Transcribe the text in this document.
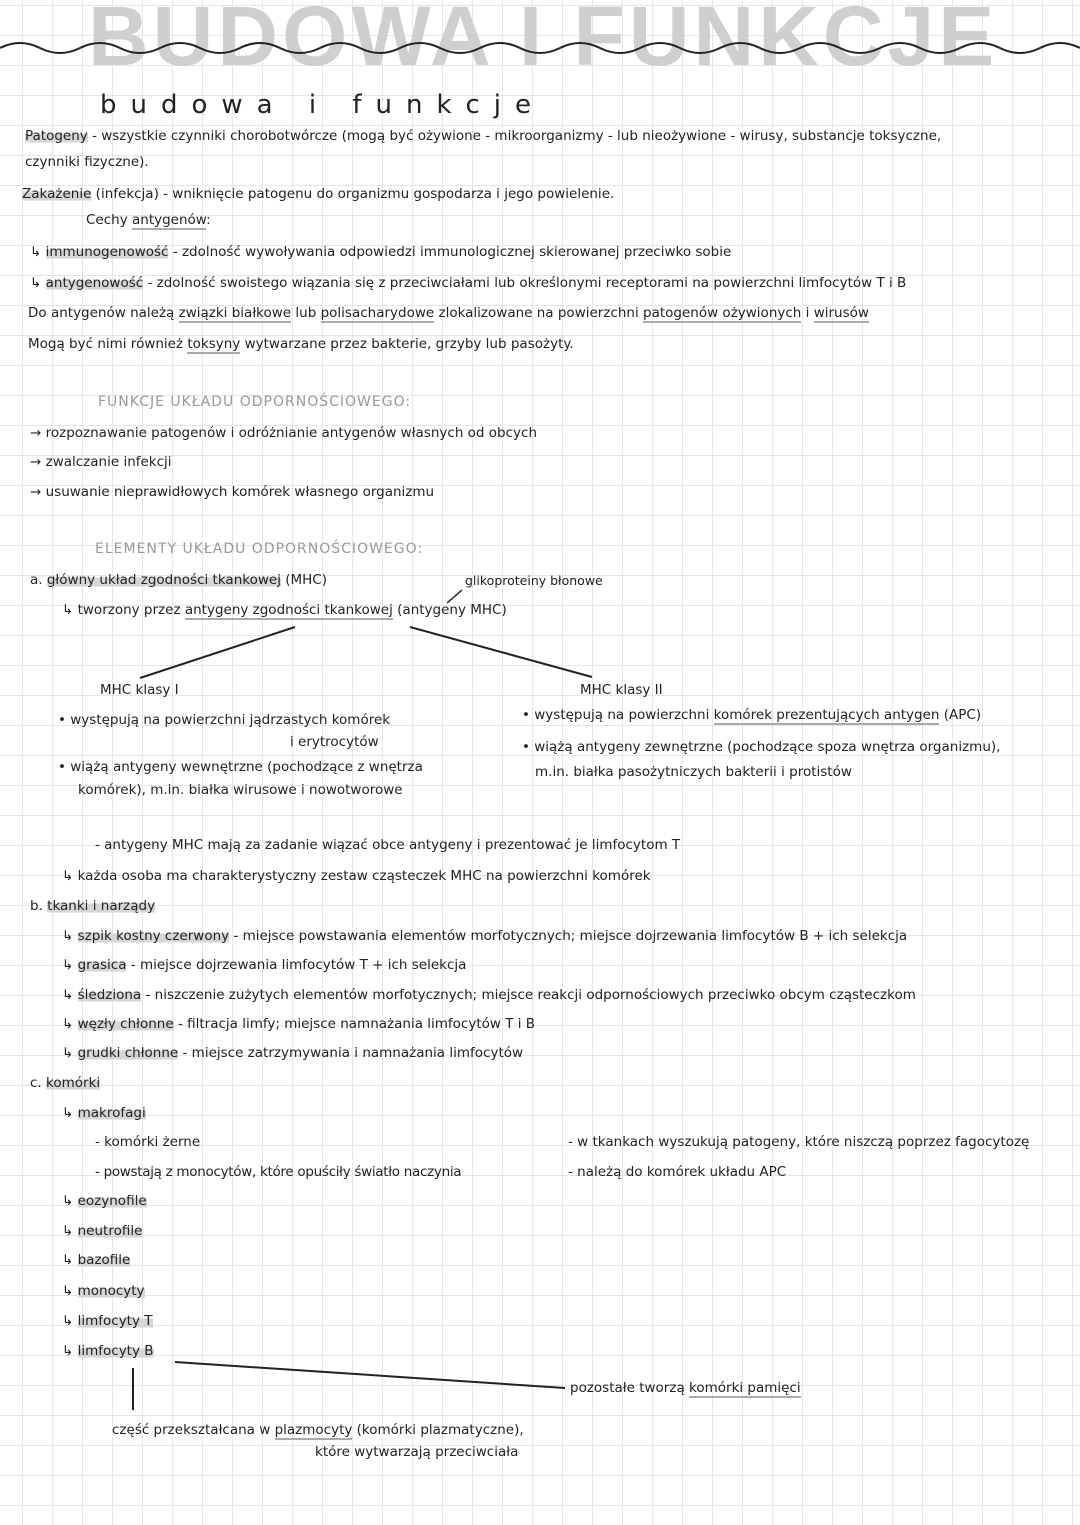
BUDOWA I FUNKCJE
budowa i funkcje
Patogeny - wszystkie czynniki chorobotwórcze (mogą być ożywione - mikroorganizmy - lub nieożywione - wirusy, substancje toksyczne,
czynniki fizyczne).
Zakażenie (infekcja) - wniknięcie patogenu do organizmu gospodarza i jego powielenie.
Cechy antygenów:
↳ immunogenowość - zdolność wywoływania odpowiedzi immunologicznej skierowanej przeciwko sobie
↳ antygenowość - zdolność swoistego wiązania się z przeciwciałami lub określonymi receptorami na powierzchni limfocytów T i B
Do antygenów należą związki białkowe lub polisacharydowe zlokalizowane na powierzchni patogenów ożywionych i wirusów
Mogą być nimi również toksyny wytwarzane przez bakterie, grzyby lub pasożyty.
FUNKCJE UKŁADU ODPORNOŚCIOWEGO:
→ rozpoznawanie patogenów i odróżnianie antygenów własnych od obcych
→ zwalczanie infekcji
→ usuwanie nieprawidłowych komórek własnego organizmu
ELEMENTY UKŁADU ODPORNOŚCIOWEGO:
a. główny układ zgodności tkankowej (MHC)	glikoproteiny błonowe
↳ tworzony przez antygeny zgodności tkankowej (antygeny MHC)
MHC klasy I
• występują na powierzchni jądrzastych komórek
i erytrocytów
• wiążą antygeny wewnętrzne (pochodzące z wnętrza
komórek), m.in. białka wirusowe i nowotworowe
MHC klasy II
• występują na powierzchni komórek prezentujących antygen (APC)
• wiążą antygeny zewnętrzne (pochodzące spoza wnętrza organizmu),
m.in. białka pasożytniczych bakterii i protistów
- antygeny MHC mają za zadanie wiązać obce antygeny i prezentować je limfocytom T
↳ każda osoba ma charakterystyczny zestaw cząsteczek MHC na powierzchni komórek
b. tkanki i narządy
↳ szpik kostny czerwony - miejsce powstawania elementów morfotycznych; miejsce dojrzewania limfocytów B + ich selekcja
↳ grasica - miejsce dojrzewania limfocytów T + ich selekcja
↳ śledziona - niszczenie zużytych elementów morfotycznych; miejsce reakcji odpornościowych przeciwko obcym cząsteczkom
↳ węzły chłonne - filtracja limfy; miejsce namnażania limfocytów T i B
↳ grudki chłonne - miejsce zatrzymywania i namnażania limfocytów
c. komórki
↳ makrofagi
- komórki żerne
- powstają z monocytów, które opuściły światło naczynia
- w tkankach wyszukują patogeny, które niszczą poprzez fagocytozę
- należą do komórek układu APC
↳ eozynofile
↳ neutrofile
↳ bazofile
↳ monocyty
↳ limfocyty T
↳ limfocyty B
pozostałe tworzą komórki pamięci
część przekształcana w plazmocyty (komórki plazmatyczne),
które wytwarzają przeciwciała
